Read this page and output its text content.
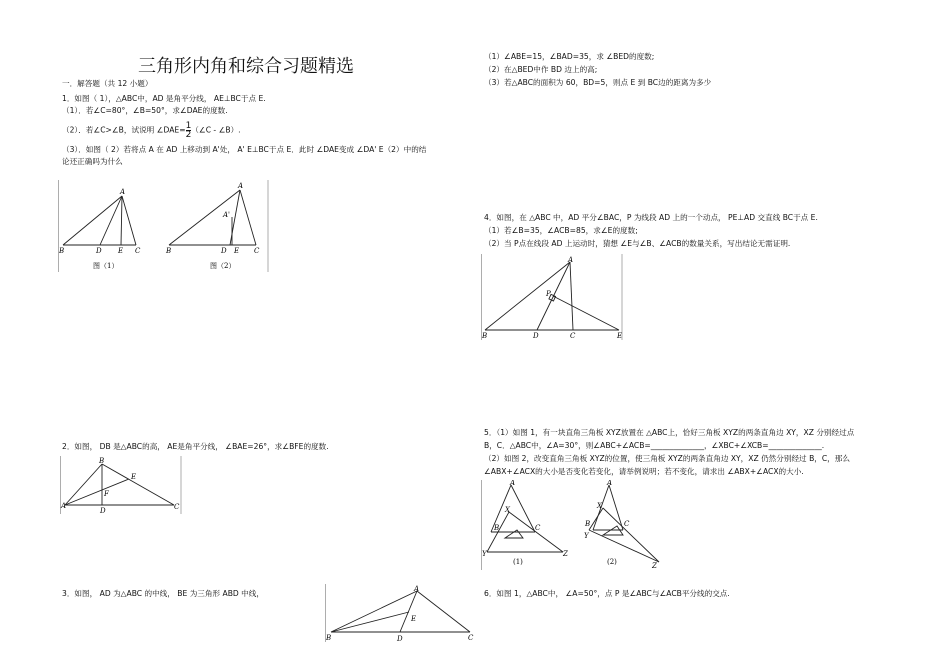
三角形内角和综合习题精选
一．解答题（共 12 小题）
1．如图（ 1），△ABC中，AD 是角平分线， AE⊥BC于点 E.
（1）．若∠C=80°，∠B=50°，求∠DAE的度数.
（2）．若∠C>∠B，试说明 ∠DAE= $\frac{1}{2}$ （∠C - ∠B）.
（3）．如图（ 2）若将点 A 在 AD 上移动到 A'处， A' E⊥BC于点 E．此时 ∠DAE变成 ∠DA' E（2）中的结
论还正确吗为什么
A
B	D E C
图（1）
A
A'
B	D E C
图（2）
2．如图， DB 是△ABC的高， AE是角平分线， ∠BAE=26°，求∠BFE的度数.
B
E
F
A
D	C
3．如图， AD 为△ABC 的中线， BE 为三角形 ABD 中线，	A
E
B	D	C
（1）∠ABE=15，∠BAD=35，求 ∠BED的度数;
（2）在△BED中作 BD 边上的高;
（3）若△ABC的面积为 60，BD=5，则点 E 到 BC边的距离为多少
4．如图，在 △ABC 中，AD 平分∠BAC，P 为线段 AD 上的一个动点， PE⊥AD 交直线 BC于点 E.
（1）若∠B=35，∠ACB=85，求∠E的度数;
（2）当 P点在线段 AD 上运动时，猜想 ∠E与∠B、∠ACB的数量关系，写出结论无需证明.
A
P
B	D	C	E
5．（1）如图 1，有一块直角三角板 XYZ放置在 △ABC上，恰好三角板 XYZ的两条直角边 XY，XZ 分别经过点
B，C．△ABC中，∠A=30°，则∠ABC+∠ACB=______________，∠XBC+∠XCB=______________.
（2）如图 2，改变直角三角板 XYZ的位置，使三角板 XYZ的两条直角边 XY，XZ 仍然分别经过 B，C，那么
∠ABX+∠ACX的大小是否变化若变化，请举例说明；若不变化，请求出 ∠ABX+∠ACX的大小.
A
X
B	C
Y	Z
(1)
A
X
B	C
Y
Z
(2)
6．如图 1，△ABC中， ∠A=50°，点 P 是∠ABC与∠ACB平分线的交点.
